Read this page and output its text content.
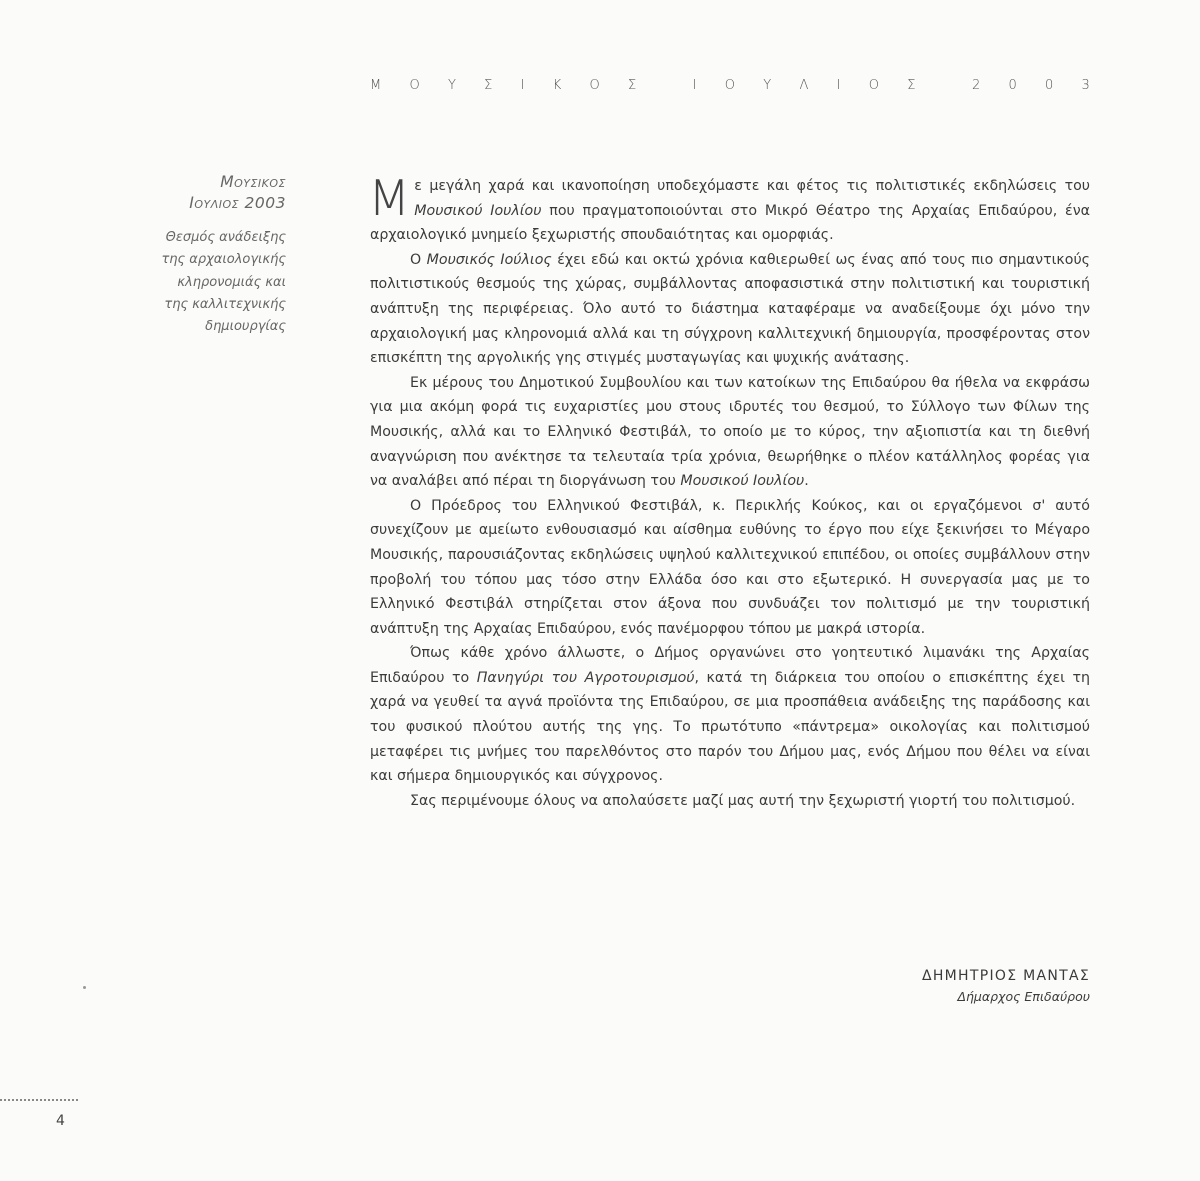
Μ Ο Υ Σ Ι Κ Ο Σ	Ι Ο Υ Λ Ι Ο Σ	2 0 0 3
Μουσικος
Ιουλιος 2003
Θεσμός ανάδειξης
της αρχαιολογικής
κληρονομιάς και
της καλλιτεχνικής
δημιουργίας

Με μεγάλη χαρά και ικανοποίηση υποδεχόμαστε και φέτος τις πολιτιστικές εκδηλώσεις του Μουσικού Ιουλίου που πραγματοποιούνται στο Μικρό Θέατρο της Αρχαίας Επιδαύρου, ένα αρχαιολογικό μνημείο ξεχωριστής σπουδαιότητας και ομορφιάς.

Ο Μουσικός Ιούλιος έχει εδώ και οκτώ χρόνια καθιερωθεί ως ένας από τους πιο σημαντικούς πολιτιστικούς θεσμούς της χώρας, συμβάλλοντας αποφασιστικά στην πολιτιστική και τουριστική ανάπτυξη της περιφέρειας. Όλο αυτό το διάστημα καταφέραμε να αναδείξουμε όχι μόνο την αρχαιολογική μας κληρονομιά αλλά και τη σύγχρονη καλλιτεχνική δημιουργία, προσφέροντας στον επισκέπτη της αργολικής γης στιγμές μυσταγωγίας και ψυχικής ανάτασης.

Εκ μέρους του Δημοτικού Συμβουλίου και των κατοίκων της Επιδαύρου θα ήθελα να εκφράσω για μια ακόμη φορά τις ευχαριστίες μου στους ιδρυτές του θεσμού, το Σύλλογο των Φίλων της Μουσικής, αλλά και το Ελληνικό Φεστιβάλ, το οποίο με το κύρος, την αξιοπιστία και τη διεθνή αναγνώριση που ανέκτησε τα τελευταία τρία χρόνια, θεωρήθηκε ο πλέον κατάλληλος φορέας για να αναλάβει από πέραι τη διοργάνωση του Μουσικού Ιουλίου.

Ο Πρόεδρος του Ελληνικού Φεστιβάλ, κ. Περικλής Κούκος, και οι εργαζόμενοι σ' αυτό συνεχίζουν με αμείωτο ενθουσιασμό και αίσθημα ευθύνης το έργο που είχε ξεκινήσει το Μέγαρο Μουσικής, παρουσιάζοντας εκδηλώσεις υψηλού καλλιτεχνικού επιπέδου, οι οποίες συμβάλλουν στην προβολή του τόπου μας τόσο στην Ελλάδα όσο και στο εξωτερικό. Η συνεργασία μας με το Ελληνικό Φεστιβάλ στηρίζεται στον άξονα που συνδυάζει τον πολιτισμό με την τουριστική ανάπτυξη της Αρχαίας Επιδαύρου, ενός πανέμορφου τόπου με μακρά ιστορία.

Όπως κάθε χρόνο άλλωστε, ο Δήμος οργανώνει στο γοητευτικό λιμανάκι της Αρχαίας Επιδαύρου το Πανηγύρι του Αγροτουρισμού, κατά τη διάρκεια του οποίου ο επισκέπτης έχει τη χαρά να γευθεί τα αγνά προϊόντα της Επιδαύρου, σε μια προσπάθεια ανάδειξης της παράδοσης και του φυσικού πλούτου αυτής της γης. Το πρωτότυπο «πάντρεμα» οικολογίας και πολιτισμού μεταφέρει τις μνήμες του παρελθόντος στο παρόν του Δήμου μας, ενός Δήμου που θέλει να είναι και σήμερα δημιουργικός και σύγχρονος.

Σας περιμένουμε όλους να απολαύσετε μαζί μας αυτή την ξεχωριστή γιορτή του πολιτισμού.

ΔΗΜΗΤΡΙΟΣ ΜΑΝΤΑΣ
Δήμαρχος Επιδαύρου
4
